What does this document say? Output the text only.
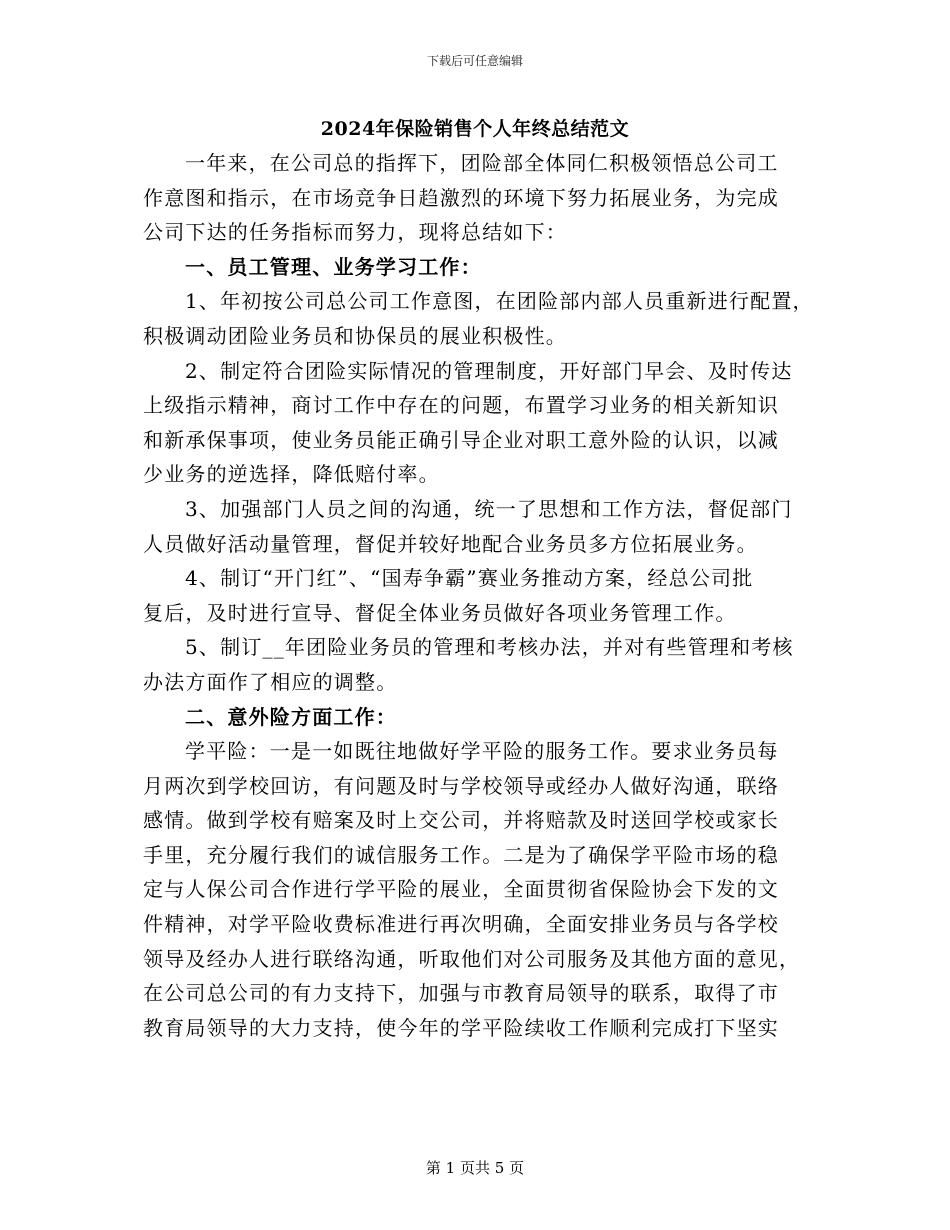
下载后可任意编辑
2024年保险销售个人年终总结范文
一年来，在公司总的指挥下，团险部全体同仁积极领悟总公司工
作意图和指示，在市场竞争日趋激烈的环境下努力拓展业务，为完成
公司下达的任务指标而努力，现将总结如下：
一、员工管理、业务学习工作：
1、年初按公司总公司工作意图，在团险部内部人员重新进行配置，
积极调动团险业务员和协保员的展业积极性。
2、制定符合团险实际情况的管理制度，开好部门早会、及时传达
上级指示精神，商讨工作中存在的问题，布置学习业务的相关新知识
和新承保事项，使业务员能正确引导企业对职工意外险的认识，以减
少业务的逆选择，降低赔付率。
3、加强部门人员之间的沟通，统一了思想和工作方法，督促部门
人员做好活动量管理，督促并较好地配合业务员多方位拓展业务。
4、制订“开门红”、“国寿争霸”赛业务推动方案，经总公司批
复后，及时进行宣导、督促全体业务员做好各项业务管理工作。
5、制订__年团险业务员的管理和考核办法，并对有些管理和考核
办法方面作了相应的调整。
二、意外险方面工作：
学平险：一是一如既往地做好学平险的服务工作。要求业务员每
月两次到学校回访，有问题及时与学校领导或经办人做好沟通，联络
感情。做到学校有赔案及时上交公司，并将赔款及时送回学校或家长
手里，充分履行我们的诚信服务工作。二是为了确保学平险市场的稳
定与人保公司合作进行学平险的展业，全面贯彻省保险协会下发的文
件精神，对学平险收费标准进行再次明确，全面安排业务员与各学校
领导及经办人进行联络沟通，听取他们对公司服务及其他方面的意见，
在公司总公司的有力支持下，加强与市教育局领导的联系，取得了市
教育局领导的大力支持，使今年的学平险续收工作顺利完成打下坚实
第 1 页共 5 页
